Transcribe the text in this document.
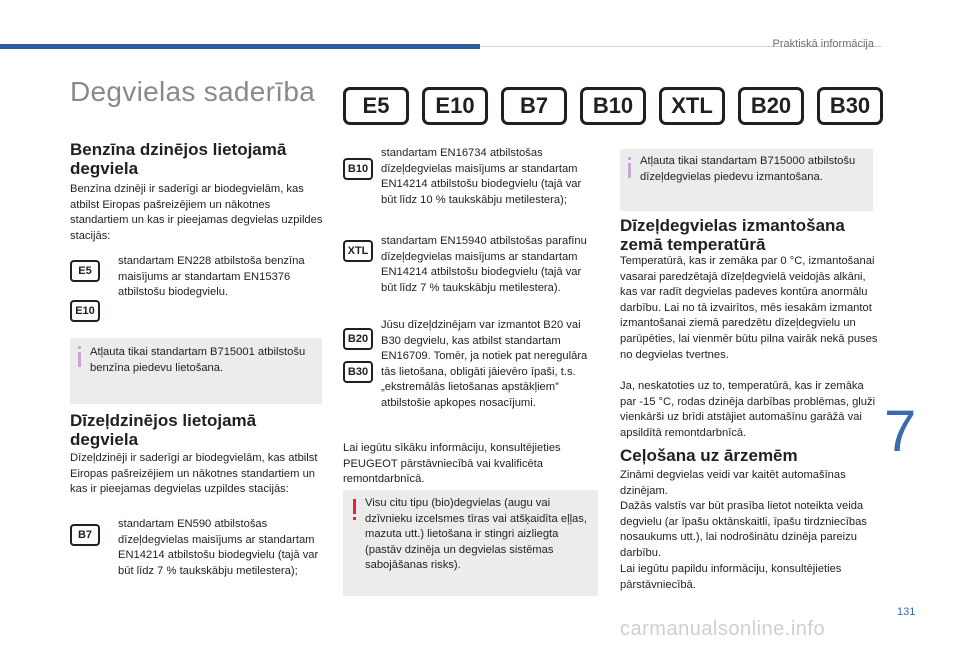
Praktiskā informācija
Degvielas saderība	E5	E10	B7	B10	XTL	B20	B30
Benzīna dzinējos lietojamā degviela
Benzīna dzinēji ir saderīgi ar biodegvielām, kas atbilst Eiropas pašreizējiem un nākotnes standartiem un kas ir pieejamas degvielas uzpildes stacijās:
E5
E10
standartam EN228 atbilstoša benzīna maisījums ar standartam EN15376 atbilstošu biodegvielu.
Atļauta tikai standartam B715001 atbilstošu benzīna piedevu lietošana.
Dīzeļdzinējos lietojamā degviela
Dīzeļdzinēji ir saderīgi ar biodegvielām, kas atbilst Eiropas pašreizējiem un nākotnes standartiem un kas ir pieejamas degvielas uzpildes stacijās:
B7
standartam EN590 atbilstošas dīzeļdegvielas maisījums ar standartam EN14214 atbilstošu biodegvielu (tajā var būt līdz 7 % taukskābju metilestera);
B10
standartam EN16734 atbilstošas dīzeļdegvielas maisījums ar standartam EN14214 atbilstošu biodegvielu (tajā var būt līdz 10 % taukskābju metilestera);
XTL
standartam EN15940 atbilstošas parafīnu dīzeļdegvielas maisījums ar standartam EN14214 atbilstošu biodegvielu (tajā var būt līdz 7 % taukskābju metilestera).
B20
B30
Jūsu dīzeļdzinējam var izmantot B20 vai B30 degvielu, kas atbilst standartam EN16709. Tomēr, ja notiek pat neregulāra tās lietošana, obligāti jāievēro īpaši, t.s. „ekstremālās lietošanas apstākļiem” atbilstošie apkopes nosacījumi.
Lai iegūtu sīkāku informāciju, konsultējieties PEUGEOT pārstāvniecībā vai kvalificēta remontdarbnīcā.
Visu citu tipu (bio)degvielas (augu vai dzīvnieku izcelsmes tīras vai atšķaidīta eļļas, mazuta utt.) lietošana ir stingri aizliegta (pastāv dzinēja un degvielas sistēmas sabojāšanas risks).
Atļauta tikai standartam B715000 atbilstošu dīzeļdegvielas piedevu izmantošana.
Dīzeļdegvielas izmantošana zemā temperatūrā
Temperatūrā, kas ir zemāka par 0 °C, izmantošanai vasarai paredzētajā dīzeļdegvielā veidojās alkāni, kas var radīt degvielas padeves kontūra anormālu darbību. Lai no tā izvairītos, mēs iesakām izmantot izmantošanai ziemā paredzētu dīzeļdegvielu un parūpēties, lai vienmēr būtu pilna vairāk nekā puses no degvielas tvertnes.
Ja, neskatoties uz to, temperatūrā, kas ir zemāka par -15 °C, rodas dzinēja darbības problēmas, gluži vienkārši uz brīdi atstājiet automašīnu garāžā vai apsildītā remontdarbnīcā.
Ceļošana uz ārzemēm
Zināmi degvielas veidi var kaitēt automašīnas dzinējam.
Dažās valstīs var būt prasība lietot noteikta veida degvielu (ar īpašu oktānskaitli, īpašu tirdzniecības nosaukums utt.), lai nodrošinātu dzinēja pareizu darbību.
Lai iegūtu papildu informāciju, konsultējieties pārstāvniecībā.
7
131
carmanualsonline.info
